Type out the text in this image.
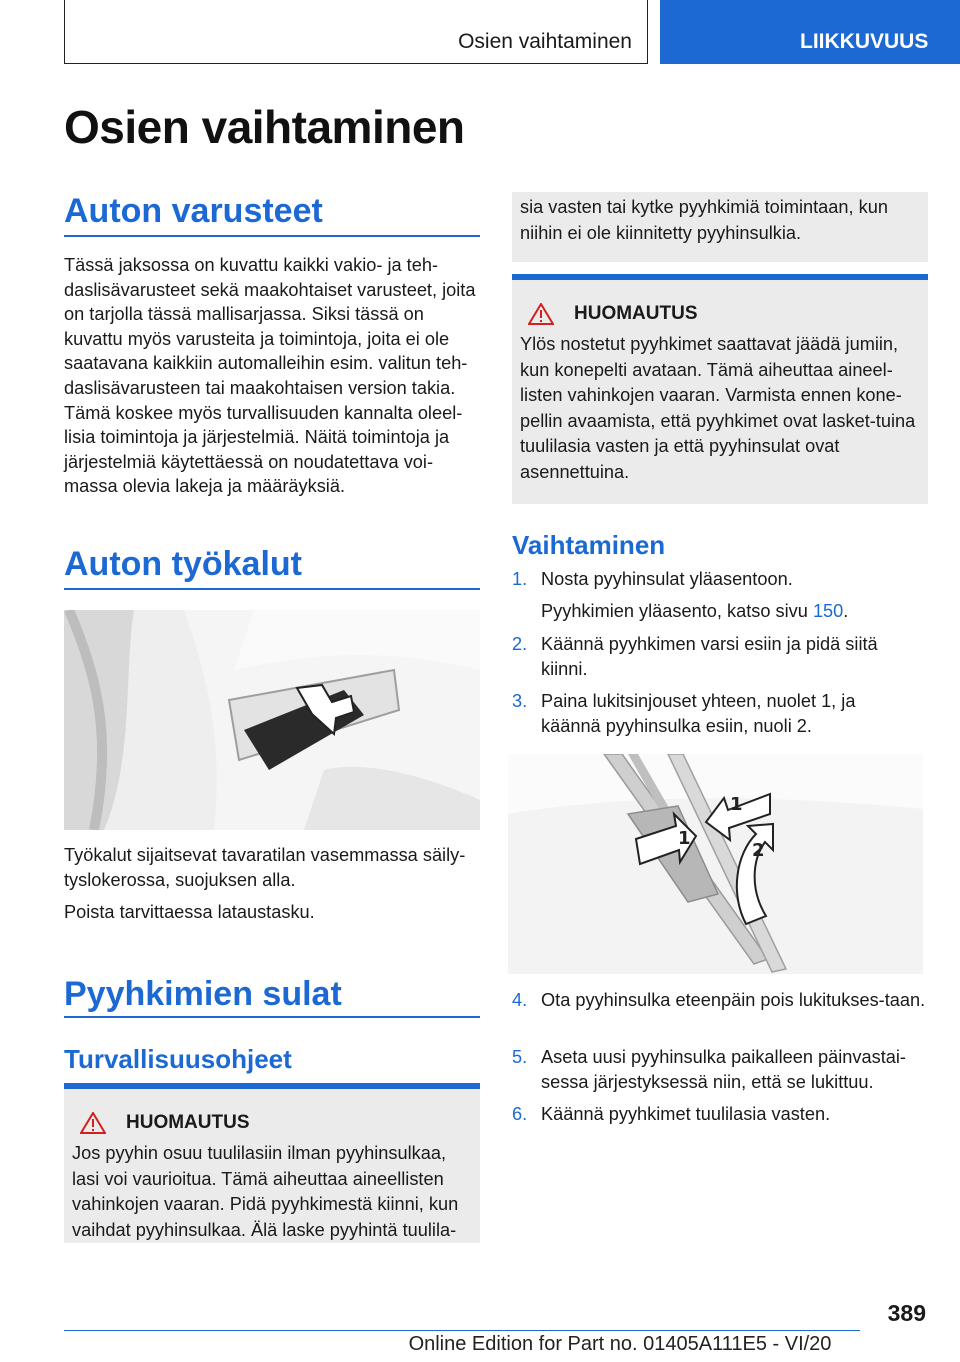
Osien vaihtaminen	LIIKKUVUUS
Osien vaihtaminen
Auton varusteet

Tässä jaksossa on kuvattu kaikki vakio- ja teh-daslisävarusteet sekä maakohtaiset varusteet, joita on tarjolla tässä mallisarjassa. Siksi tässä on kuvattu myös varusteita ja toimintoja, joita ei ole saatavana kaikkiin automalleihin esim. valitun teh-daslisävarusteen tai maakohtaisen version takia. Tämä koskee myös turvallisuuden kannalta oleel-lisia toimintoja ja järjestelmiä. Näitä toimintoja ja järjestelmiä käytettäessä on noudatettava voi-massa olevia lakeja ja määräyksiä.

Auton työkalut

Työkalut sijaitsevat tavaratilan vasemmassa säily-tyslokerossa, suojuksen alla.

Poista tarvittaessa lataustasku.

Pyyhkimien sulat
Turvallisuusohjeet
HUOMAUTUS

Jos pyyhin osuu tuulilasiin ilman pyyhinsulkaa, lasi voi vaurioitua. Tämä aiheuttaa aineellisten vahinkojen vaaran. Pidä pyyhkimestä kiinni, kun vaihdat pyyhinsulkaa. Älä laske pyyhintä tuulila-

sia vasten tai kytke pyyhkimiä toimintaan, kun niihin ei ole kiinnitetty pyyhinsulkia.

HUOMAUTUS

Ylös nostetut pyyhkimet saattavat jäädä jumiin, kun konepelti avataan. Tämä aiheuttaa aineel-listen vahinkojen vaaran. Varmista ennen kone-pellin avaamista, että pyyhkimet ovat lasket-tuina tuulilasia vasten ja että pyyhinsulat ovat asennettuina.

Vaihtaminen
1. Nosta pyyhinsulat yläasentoon.
Pyyhkimien yläasento, katso sivu 150.
2. Käännä pyyhkimen varsi esiin ja pidä siitä kiinni.
3. Paina lukitsinjouset yhteen, nuolet 1, ja käännä pyyhinsulka esiin, nuoli 2.
1
1
2
4. Ota pyyhinsulka eteenpäin pois lukitukses-taan.
5. Aseta uusi pyyhinsulka paikalleen päinvastai-sessa järjestyksessä niin, että se lukittuu.
6. Käännä pyyhkimet tuulilasia vasten.
389
Online Edition for Part no. 01405A111E5 - VI/20
